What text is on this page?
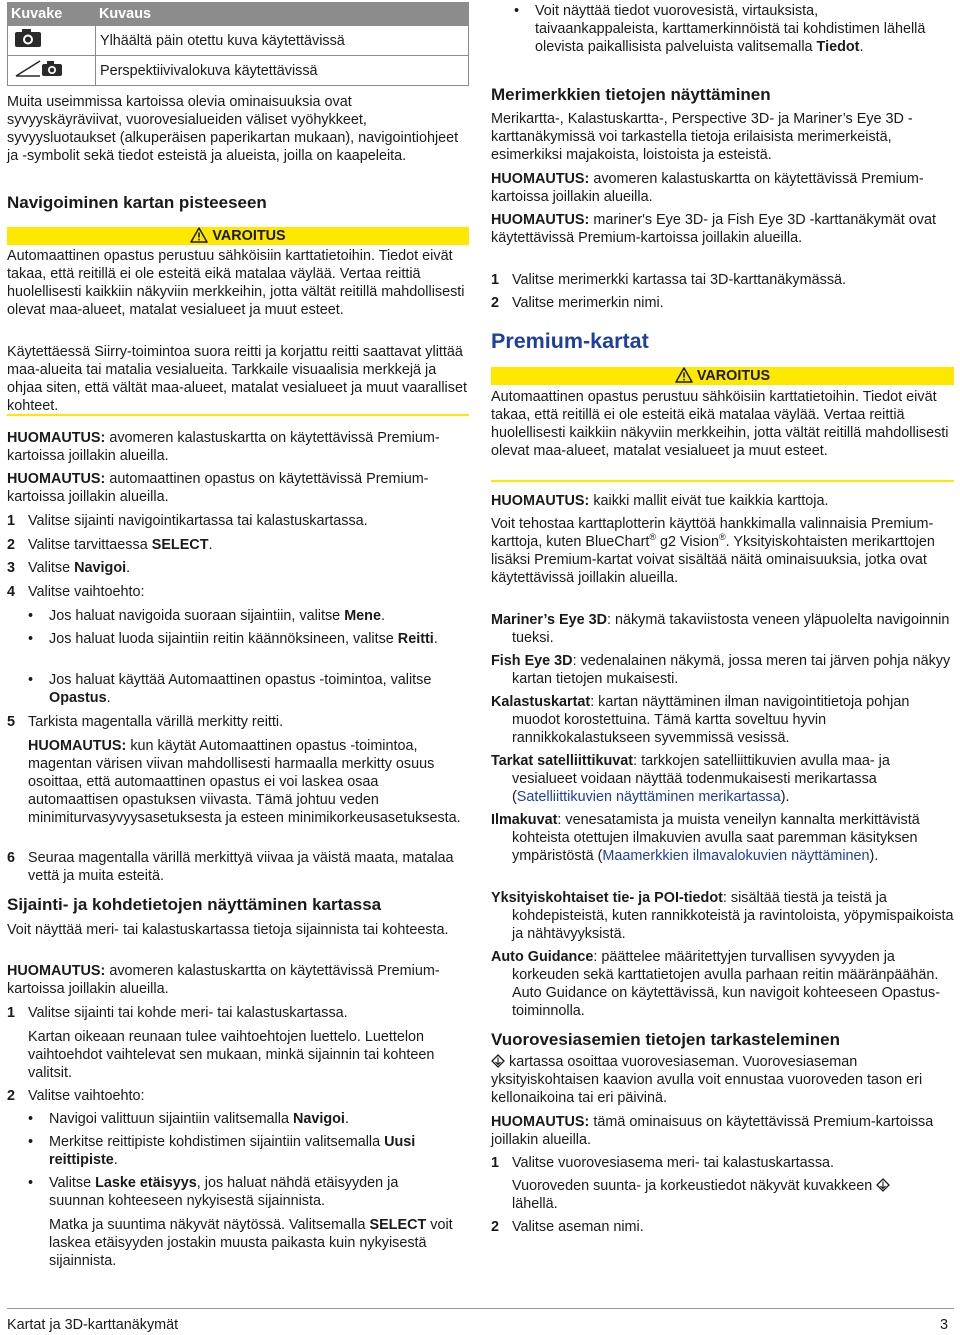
Kuvake	Kuvaus
	Ylhäältä päin otettu kuva käytettävissä
	Perspektiivivalokuva käytettävissä

Muita useimmissa kartoissa olevia ominaisuuksia ovat syvyyskäyräviivat, vuorovesialueiden väliset vyöhykkeet, syvyysluotaukset (alkuperäisen paperikartan mukaan), navigointiohjeet ja -symbolit sekä tiedot esteistä ja alueista, joilla on kaapeleita.

Navigoiminen kartan pisteeseen
VAROITUS

Automaattinen opastus perustuu sähköisiin karttatietoihin. Tiedot eivät takaa, että reitillä ei ole esteitä eikä matalaa väylää. Vertaa reittiä huolellisesti kaikkiin näkyviin merkkeihin, jotta vältät reitillä mahdollisesti olevat maa-alueet, matalat vesialueet ja muut esteet.

Käytettäessä Siirry-toimintoa suora reitti ja korjattu reitti saattavat ylittää maa-alueita tai matalia vesialueita. Tarkkaile visuaalisia merkkejä ja ohjaa siten, että vältät maa-alueet, matalat vesialueet ja muut vaaralliset kohteet.

HUOMAUTUS: avomeren kalastuskartta on käytettävissä Premium-kartoissa joillakin alueilla.

HUOMAUTUS: automaattinen opastus on käytettävissä Premium-kartoissa joillakin alueilla.

1 Valitse sijainti navigointikartassa tai kalastuskartassa.
2 Valitse tarvittaessa SELECT.
3 Valitse Navigoi.
4 Valitse vaihtoehto:
• Jos haluat navigoida suoraan sijaintiin, valitse Mene.
• Jos haluat luoda sijaintiin reitin käännöksineen, valitse Reitti.
• Jos haluat käyttää Automaattinen opastus -toimintoa, valitse Opastus.
5 Tarkista magentalla värillä merkitty reitti.

HUOMAUTUS: kun käytät Automaattinen opastus -toimintoa, magentan värisen viivan mahdollisesti harmaalla merkitty osuus osoittaa, että automaattinen opastus ei voi laskea osaa automaattisen opastuksen viivasta. Tämä johtuu veden minimiturvasyvyysasetuksesta ja esteen minimikorkeusasetuksesta.

6 Seuraa magentalla värillä merkittyä viivaa ja väistä maata, matalaa vettä ja muita esteitä.
Sijainti- ja kohdetietojen näyttäminen kartassa

Voit näyttää meri- tai kalastuskartassa tietoja sijainnista tai kohteesta.

HUOMAUTUS: avomeren kalastuskartta on käytettävissä Premium-kartoissa joillakin alueilla.

1 Valitse sijainti tai kohde meri- tai kalastuskartassa.

Kartan oikeaan reunaan tulee vaihtoehtojen luettelo. Luettelon vaihtoehdot vaihtelevat sen mukaan, minkä sijainnin tai kohteen valitsit.

2 Valitse vaihtoehto:
• Navigoi valittuun sijaintiin valitsemalla Navigoi.
• Merkitse reittipiste kohdistimen sijaintiin valitsemalla Uusi reittipiste.
• Valitse Laske etäisyys, jos haluat nähdä etäisyyden ja suunnan kohteeseen nykyisestä sijainnista.

Matka ja suuntima näkyvät näytössä. Valitsemalla SELECT voit laskea etäisyyden jostakin muusta paikasta kuin nykyisestä sijainnista.

• Voit näyttää tiedot vuorovesistä, virtauksista, taivaankappaleista, karttamerkinnöistä tai kohdistimen lähellä olevista paikallisista palveluista valitsemalla Tiedot.
Merimerkkien tietojen näyttäminen

Merikartta-, Kalastuskartta-, Perspective 3D- ja Mariner’s Eye 3D -karttanäkymissä voi tarkastella tietoja erilaisista merimerkeistä, esimerkiksi majakoista, loistoista ja esteistä.

HUOMAUTUS: avomeren kalastuskartta on käytettävissä Premium-kartoissa joillakin alueilla.

HUOMAUTUS: mariner's Eye 3D- ja Fish Eye 3D -karttanäkymät ovat käytettävissä Premium-kartoissa joillakin alueilla.

1 Valitse merimerkki kartassa tai 3D-karttanäkymässä.
2 Valitse merimerkin nimi.
Premium-kartat
VAROITUS

Automaattinen opastus perustuu sähköisiin karttatietoihin. Tiedot eivät takaa, että reitillä ei ole esteitä eikä matalaa väylää. Vertaa reittiä huolellisesti kaikkiin näkyviin merkkeihin, jotta vältät reitillä mahdollisesti olevat maa-alueet, matalat vesialueet ja muut esteet.

HUOMAUTUS: kaikki mallit eivät tue kaikkia karttoja.

Voit tehostaa karttaplotterin käyttöä hankkimalla valinnaisia Premium-karttoja, kuten BlueChart® g2 Vision®. Yksityiskohtaisten merikarttojen lisäksi Premium-kartat voivat sisältää näitä ominaisuuksia, jotka ovat käytettävissä joillakin alueilla.

Mariner’s Eye 3D: näkymä takaviistosta veneen yläpuolelta navigoinnin tueksi.

Fish Eye 3D: vedenalainen näkymä, jossa meren tai järven pohja näkyy kartan tietojen mukaisesti.

Kalastuskartat: kartan näyttäminen ilman navigointitietoja pohjan muodot korostettuina. Tämä kartta soveltuu hyvin rannikkokalastukseen syvemmissä vesissä.

Tarkat satelliittikuvat: tarkkojen satelliittikuvien avulla maa- ja vesialueet voidaan näyttää todenmukaisesti merikartassa (Satelliittikuvien näyttäminen merikartassa).

Ilmakuvat: venesatamista ja muista veneilyn kannalta merkittävistä kohteista otettujen ilmakuvien avulla saat paremman käsityksen ympäristöstä (Maamerkkien ilmavalokuvien näyttäminen).

Yksityiskohtaiset tie- ja POI-tiedot: sisältää tiestä ja teistä ja kohdepisteistä, kuten rannikkoteistä ja ravintoloista, yöpymispaikoista ja nähtävyyksistä.

Auto Guidance: päättelee määritettyjen turvallisen syvyyden ja korkeuden sekä karttatietojen avulla parhaan reitin määränpäähän. Auto Guidance on käytettävissä, kun navigoit kohteeseen Opastus-toiminnolla.

Vuorovesiasemien tietojen tarkasteleminen

kartassa osoittaa vuorovesiaseman. Vuorovesiaseman yksityiskohtaisen kaavion avulla voit ennustaa vuoroveden tason eri kellonaikoina tai eri päivinä.

HUOMAUTUS: tämä ominaisuus on käytettävissä Premium-kartoissa joillakin alueilla.

1 Valitse vuorovesiasema meri- tai kalastuskartassa.

Vuoroveden suunta- ja korkeustiedot näkyvät kuvakkeen  lähellä.

2 Valitse aseman nimi.
Kartat ja 3D-karttanäkymät	3
